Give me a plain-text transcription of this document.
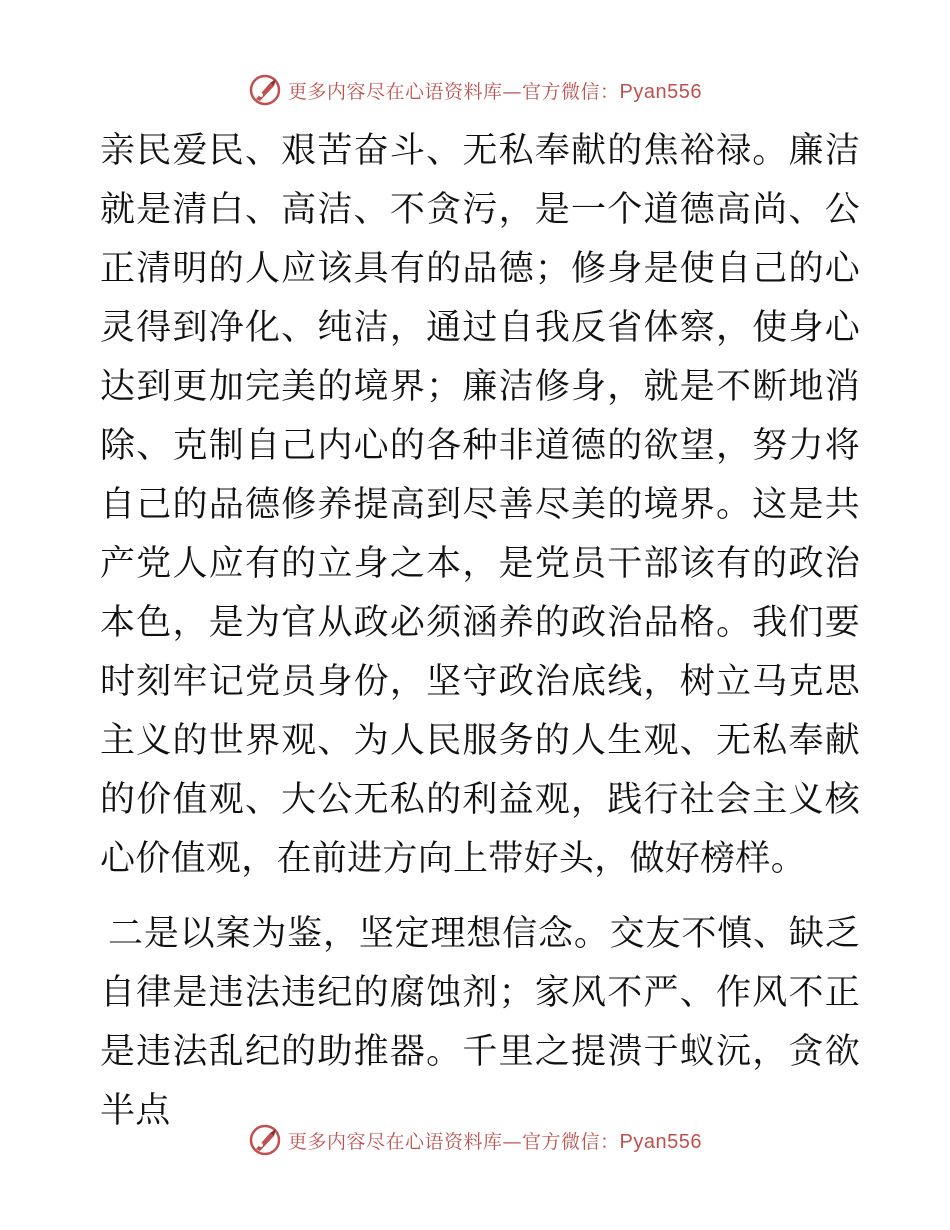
更多内容尽在心语资料库—官方微信：Pyan556

亲民爱民、艰苦奋斗、无私奉献的焦裕禄。廉洁就是清白、高洁、不贪污，是一个道德高尚、公正清明的人应该具有的品德；修身是使自己的心灵得到净化、纯洁，通过自我反省体察，使身心达到更加完美的境界；廉洁修身，就是不断地消除、克制自己内心的各种非道德的欲望，努力将自己的品德修养提高到尽善尽美的境界。这是共产党人应有的立身之本，是党员干部该有的政治本色，是为官从政必须涵养的政治品格。我们要时刻牢记党员身份，坚守政治底线，树立马克思主义的世界观、为人民服务的人生观、无私奉献的价值观、大公无私的利益观，践行社会主义核心价值观，在前进方向上带好头，做好榜样。

二是以案为鉴，坚定理想信念。交友不慎、缺乏自律是违法违纪的腐蚀剂；家风不严、作风不正是违法乱纪的助推器。千里之提溃于蚁沅，贪欲半点

更多内容尽在心语资料库—官方微信：Pyan556
